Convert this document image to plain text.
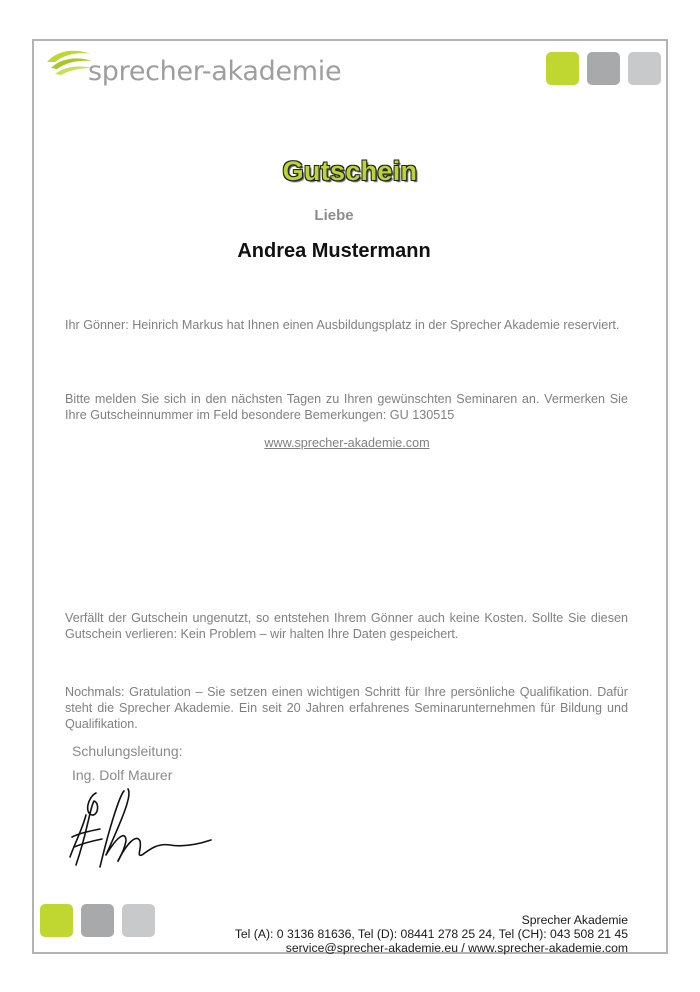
sprecher-akademie
Gutschein
Liebe
Andrea Mustermann
Ihr Gönner: Heinrich Markus hat Ihnen einen Ausbildungsplatz in der Sprecher Akademie reserviert.
Bitte melden Sie sich in den nächsten Tagen zu Ihren gewünschten Seminaren an. Vermerken Sie Ihre Gutscheinnummer im Feld besondere Bemerkungen: GU 130515
www.sprecher-akademie.com
Verfällt der Gutschein ungenutzt, so entstehen Ihrem Gönner auch keine Kosten. Sollte Sie diesen Gutschein verlieren: Kein Problem – wir halten Ihre Daten gespeichert.
Nochmals: Gratulation – Sie setzen einen wichtigen Schritt für Ihre persönliche Qualifikation. Dafür steht die Sprecher Akademie. Ein seit 20 Jahren erfahrenes Seminarunternehmen für Bildung und Qualifikation.
Schulungsleitung:
Ing. Dolf Maurer
Sprecher Akademie
Tel (A): 0 3136 81636, Tel (D): 08441 278 25 24, Tel (CH): 043 508 21 45
service@sprecher-akademie.eu / www.sprecher-akademie.com
